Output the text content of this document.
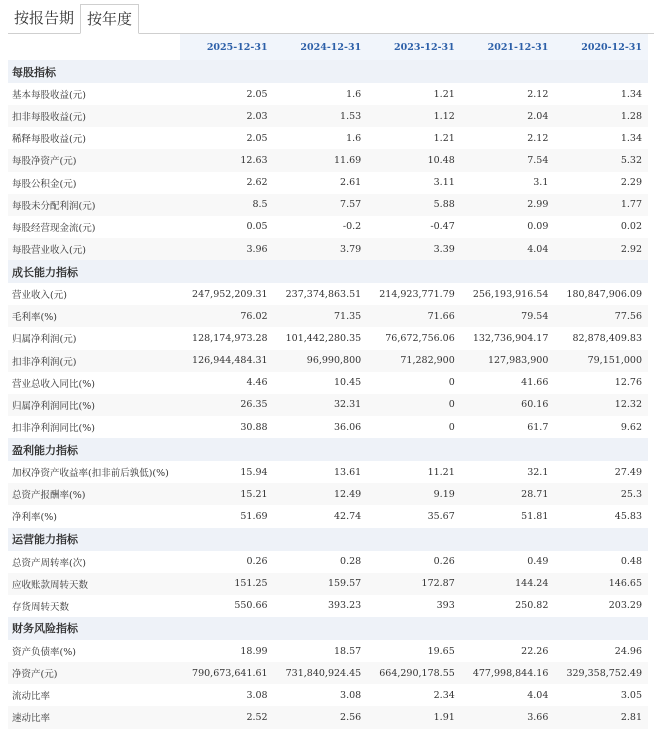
按报告期 按年度
	2025-12-31	2024-12-31	2023-12-31	2021-12-31	2020-12-31
每股指标					
基本每股收益(元)	2.05	1.6	1.21	2.12	1.34
扣非每股收益(元)	2.03	1.53	1.12	2.04	1.28
稀释每股收益(元)	2.05	1.6	1.21	2.12	1.34
每股净资产(元)	12.63	11.69	10.48	7.54	5.32
每股公积金(元)	2.62	2.61	3.11	3.1	2.29
每股未分配利润(元)	8.5	7.57	5.88	2.99	1.77
每股经营现金流(元)	0.05	-0.2	-0.47	0.09	0.02
每股营业收入(元)	3.96	3.79	3.39	4.04	2.92
成长能力指标					
营业收入(元)	247,952,209.31	237,374,863.51	214,923,771.79	256,193,916.54	180,847,906.09
毛利率(%)	76.02	71.35	71.66	79.54	77.56
归属净利润(元)	128,174,973.28	101,442,280.35	76,672,756.06	132,736,904.17	82,878,409.83
扣非净利润(元)	126,944,484.31	96,990,800	71,282,900	127,983,900	79,151,000
营业总收入同比(%)	4.46	10.45	0	41.66	12.76
归属净利润同比(%)	26.35	32.31	0	60.16	12.32
扣非净利润同比(%)	30.88	36.06	0	61.7	9.62
盈利能力指标					
加权净资产收益率(扣非前后孰低)(%)	15.94	13.61	11.21	32.1	27.49
总资产报酬率(%)	15.21	12.49	9.19	28.71	25.3
净利率(%)	51.69	42.74	35.67	51.81	45.83
运营能力指标					
总资产周转率(次)	0.26	0.28	0.26	0.49	0.48
应收账款周转天数	151.25	159.57	172.87	144.24	146.65
存货周转天数	550.66	393.23	393	250.82	203.29
财务风险指标					
资产负债率(%)	18.99	18.57	19.65	22.26	24.96
净资产(元)	790,673,641.61	731,840,924.45	664,290,178.55	477,998,844.16	329,358,752.49
流动比率	3.08	3.08	2.34	4.04	3.05
速动比率	2.52	2.56	1.91	3.66	2.81
